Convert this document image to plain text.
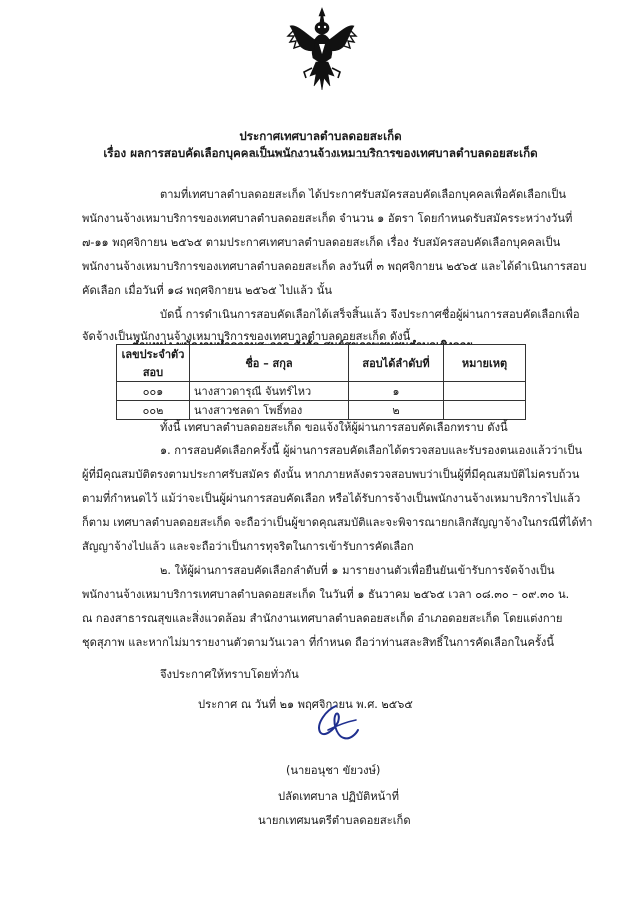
ประกาศเทศบาลตำบลดอยสะเก็ด

เรื่อง ผลการสอบคัดเลือกบุคคลเป็นพนักงานจ้างเหมาบริการของเทศบาลตำบลดอยสะเก็ด

ตามที่เทศบาลตำบลดอยสะเก็ด ได้ประกาศรับสมัครสอบคัดเลือกบุคคลเพื่อคัดเลือกเป็น

พนักงานจ้างเหมาบริการของเทศบาลตำบลดอยสะเก็ด จำนวน ๑ อัตรา โดยกำหนดรับสมัครระหว่างวันที่

๗-๑๑ พฤศจิกายน ๒๕๖๕ ตามประกาศเทศบาลตำบลดอยสะเก็ด เรื่อง รับสมัครสอบคัดเลือกบุคคลเป็น

พนักงานจ้างเหมาบริการของเทศบาลตำบลดอยสะเก็ด ลงวันที่ ๓ พฤศจิกายน ๒๕๖๕ และได้ดำเนินการสอบ

คัดเลือก เมื่อวันที่ ๑๘ พฤศจิกายน ๒๕๖๕ ไปแล้ว นั้น

บัดนี้ การดำเนินการสอบคัดเลือกได้เสร็จสิ้นแล้ว จึงประกาศชื่อผู้ผ่านการสอบคัดเลือกเพื่อ

จัดจ้างเป็นพนักงานจ้างเหมาบริการของเทศบาลตำบลดอยสะเก็ด ดังนี้

เลขประจำตัวสอบ	ชื่อ – สกุล	สอบได้ลำดับที่	หมายเหตุ
๐๐๑	นางสาวดารุณี จันทร์ไหว	๑	
๐๐๒	นางสาวชลดา โพธิ์ทอง	๒	

ทั้งนี้ เทศบาลตำบลดอยสะเก็ด ขอแจ้งให้ผู้ผ่านการสอบคัดเลือกทราบ ดังนี้

๑. การสอบคัดเลือกครั้งนี้ ผู้ผ่านการสอบคัดเลือกได้ตรวจสอบและรับรองตนเองแล้วว่าเป็น

ผู้ที่มีคุณสมบัติตรงตามประกาศรับสมัคร ดังนั้น หากภายหลังตรวจสอบพบว่าเป็นผู้ที่มีคุณสมบัติไม่ครบถ้วน

ตามที่กำหนดไว้ แม้ว่าจะเป็นผู้ผ่านการสอบคัดเลือก หรือได้รับการจ้างเป็นพนักงานจ้างเหมาบริการไปแล้ว

ก็ตาม เทศบาลตำบลดอยสะเก็ด จะถือว่าเป็นผู้ขาดคุณสมบัติและจะพิจารณายกเลิกสัญญาจ้างในกรณีที่ได้ทำ

สัญญาจ้างไปแล้ว และจะถือว่าเป็นการทุจริตในการเข้ารับการคัดเลือก

๒. ให้ผู้ผ่านการสอบคัดเลือกลำดับที่ ๑ มารายงานตัวเพื่อยืนยันเข้ารับการจัดจ้างเป็น

พนักงานจ้างเหมาบริการเทศบาลตำบลดอยสะเก็ด ในวันที่ ๑ ธันวาคม ๒๕๖๕ เวลา ๐๘.๓๐ – ๐๙.๓๐ น.

ณ กองสาธารณสุขและสิ่งแวดล้อม สำนักงานเทศบาลตำบลดอยสะเก็ด อำเภอดอยสะเก็ด โดยแต่งกาย

ชุดสุภาพ และหากไม่มารายงานตัวตามวันเวลา ที่กำหนด ถือว่าท่านสละสิทธิ์ในการคัดเลือกในครั้งนี้

จึงประกาศให้ทราบโดยทั่วกัน

ประกาศ ณ วันที่ ๒๑ พฤศจิกายน พ.ศ. ๒๕๖๕

(นายอนุชา ขัยวงษ์)

ปลัดเทศบาล ปฏิบัติหน้าที่

นายกเทศมนตรีตำบลดอยสะเก็ด
